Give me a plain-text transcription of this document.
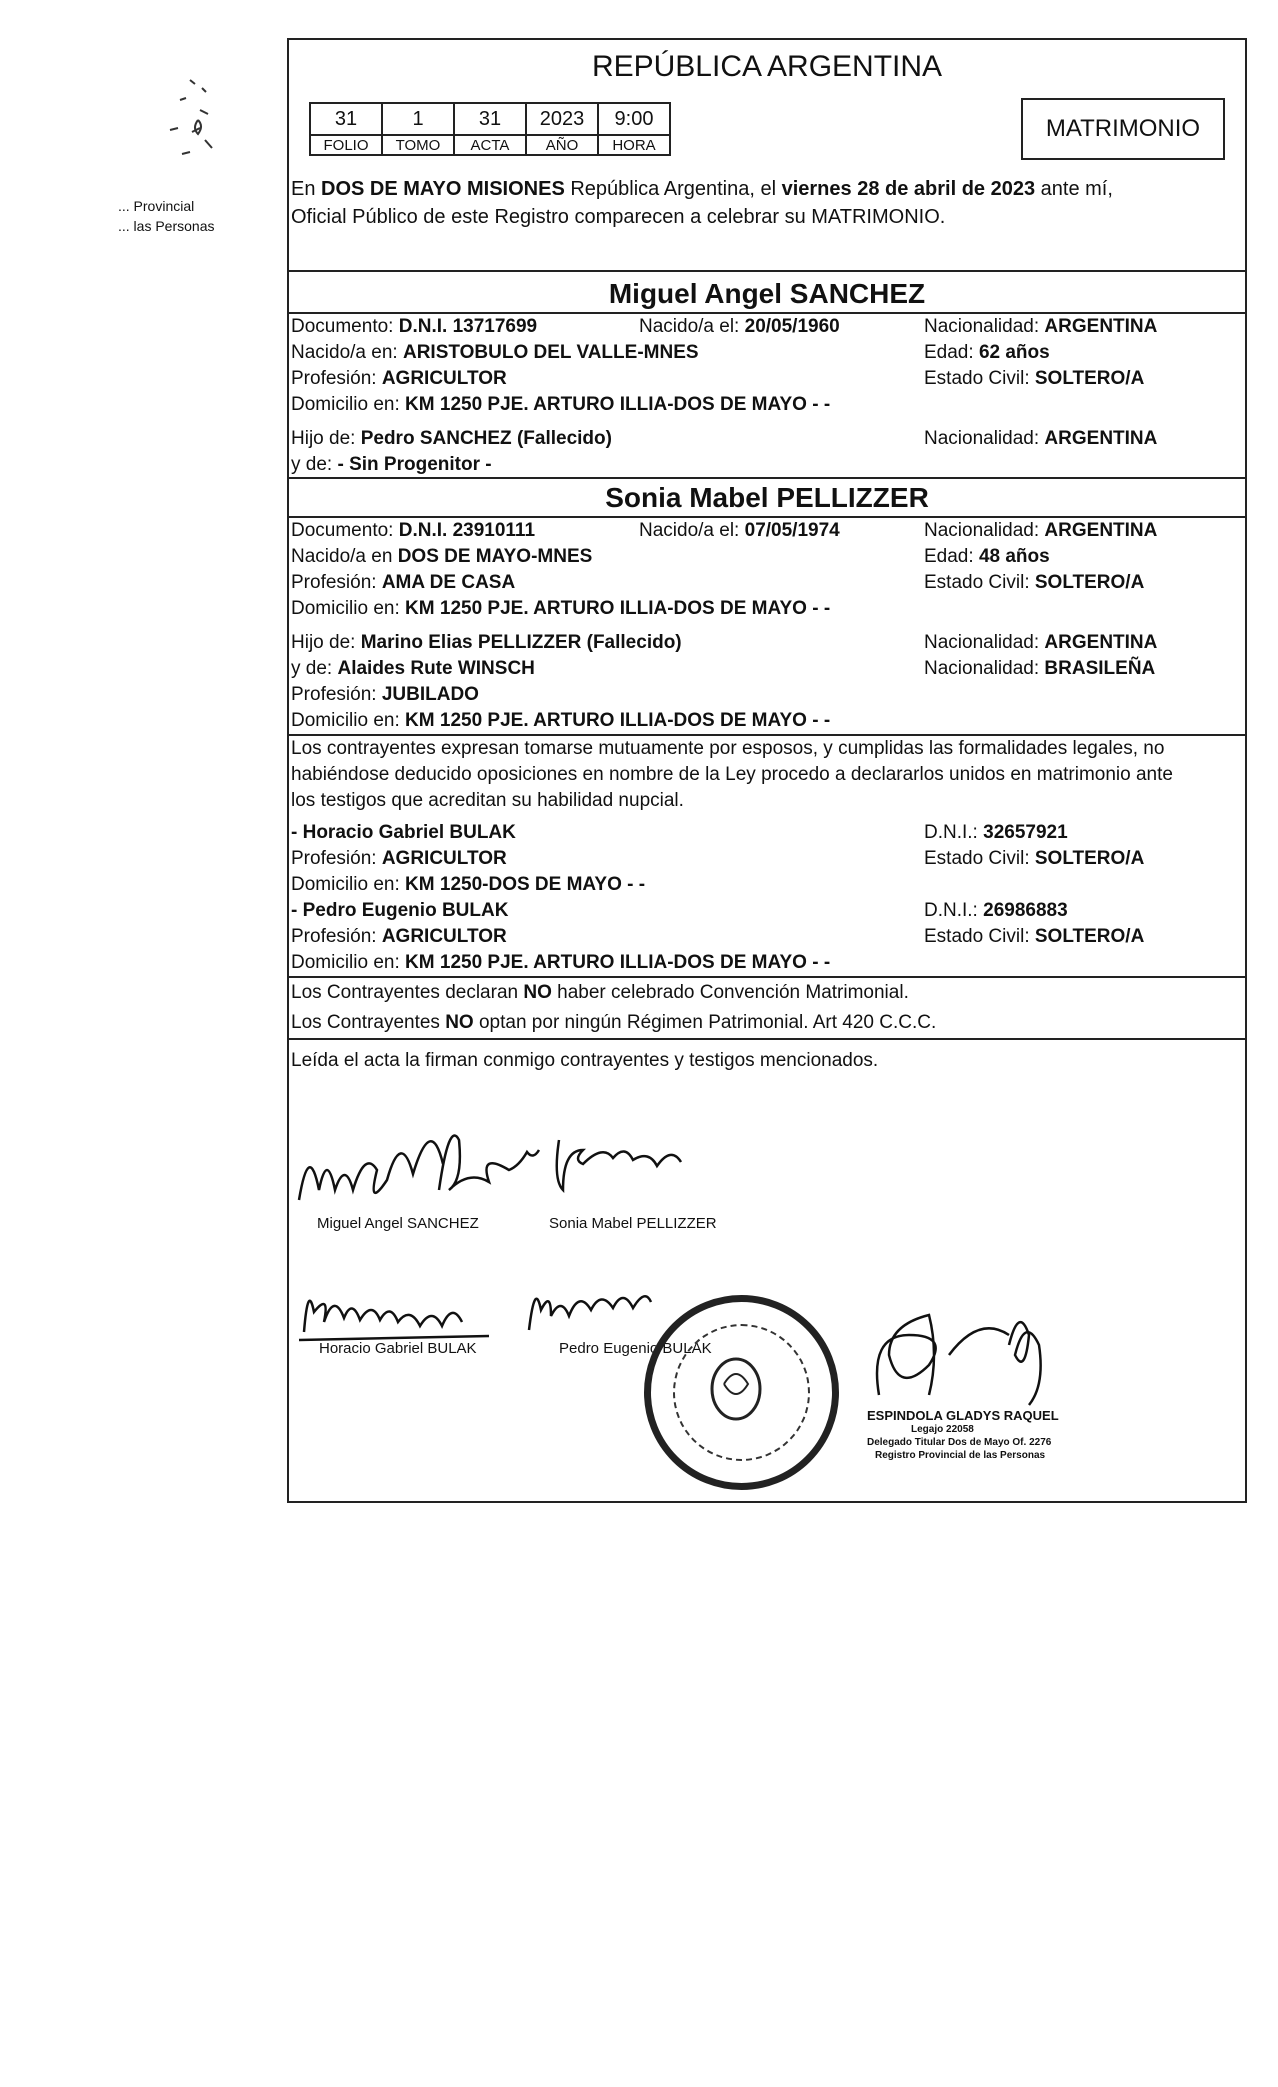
... Provincial
... las Personas
REPÚBLICA ARGENTINA
31	1	31	2023	9:00
FOLIO	TOMO	ACTA	AÑO	HORA
MATRIMONIO
En DOS DE MAYO MISIONES República Argentina, el viernes 28 de abril de 2023 ante mí,
Oficial Público de este Registro comparecen a celebrar su MATRIMONIO.
Miguel Angel SANCHEZ
Documento: D.N.I. 13717699	Nacido/a el: 20/05/1960	Nacionalidad: ARGENTINA
Nacido/a en: ARISTOBULO DEL VALLE-MNES	Edad: 62 años
Profesión: AGRICULTOR	Estado Civil: SOLTERO/A
Domicilio en: KM 1250 PJE. ARTURO ILLIA-DOS DE MAYO - -
Hijo de: Pedro SANCHEZ (Fallecido)	Nacionalidad: ARGENTINA
y de: - Sin Progenitor -
Sonia Mabel PELLIZZER
Documento: D.N.I. 23910111	Nacido/a el: 07/05/1974	Nacionalidad: ARGENTINA
Nacido/a en DOS DE MAYO-MNES	Edad: 48 años
Profesión: AMA DE CASA	Estado Civil: SOLTERO/A
Domicilio en: KM 1250 PJE. ARTURO ILLIA-DOS DE MAYO - -
Hijo de: Marino Elias PELLIZZER (Fallecido)	Nacionalidad: ARGENTINA
y de: Alaides Rute WINSCH	Nacionalidad: BRASILEÑA
Profesión: JUBILADO
Domicilio en: KM 1250 PJE. ARTURO ILLIA-DOS DE MAYO - -
Los contrayentes expresan tomarse mutuamente por esposos, y cumplidas las formalidades legales, no
habiéndose deducido oposiciones en nombre de la Ley procedo a declararlos unidos en matrimonio ante
los testigos que acreditan su habilidad nupcial.
- Horacio Gabriel BULAK	D.N.I.: 32657921
Profesión: AGRICULTOR	Estado Civil: SOLTERO/A
Domicilio en: KM 1250-DOS DE MAYO - -
- Pedro Eugenio BULAK	D.N.I.: 26986883
Profesión: AGRICULTOR	Estado Civil: SOLTERO/A
Domicilio en: KM 1250 PJE. ARTURO ILLIA-DOS DE MAYO - -
Los Contrayentes declaran NO haber celebrado Convención Matrimonial.
Los Contrayentes NO optan por ningún Régimen Patrimonial. Art 420 C.C.C.
Leída el acta la firman conmigo contrayentes y testigos mencionados.
Miguel Angel SANCHEZ	Sonia Mabel PELLIZZER
Horacio Gabriel BULAK	Pedro Eugenio BULAK
ESPINDOLA GLADYS RAQUEL
Legajo 22058
Delegado Titular Dos de Mayo Of. 2276
Registro Provincial de las Personas
